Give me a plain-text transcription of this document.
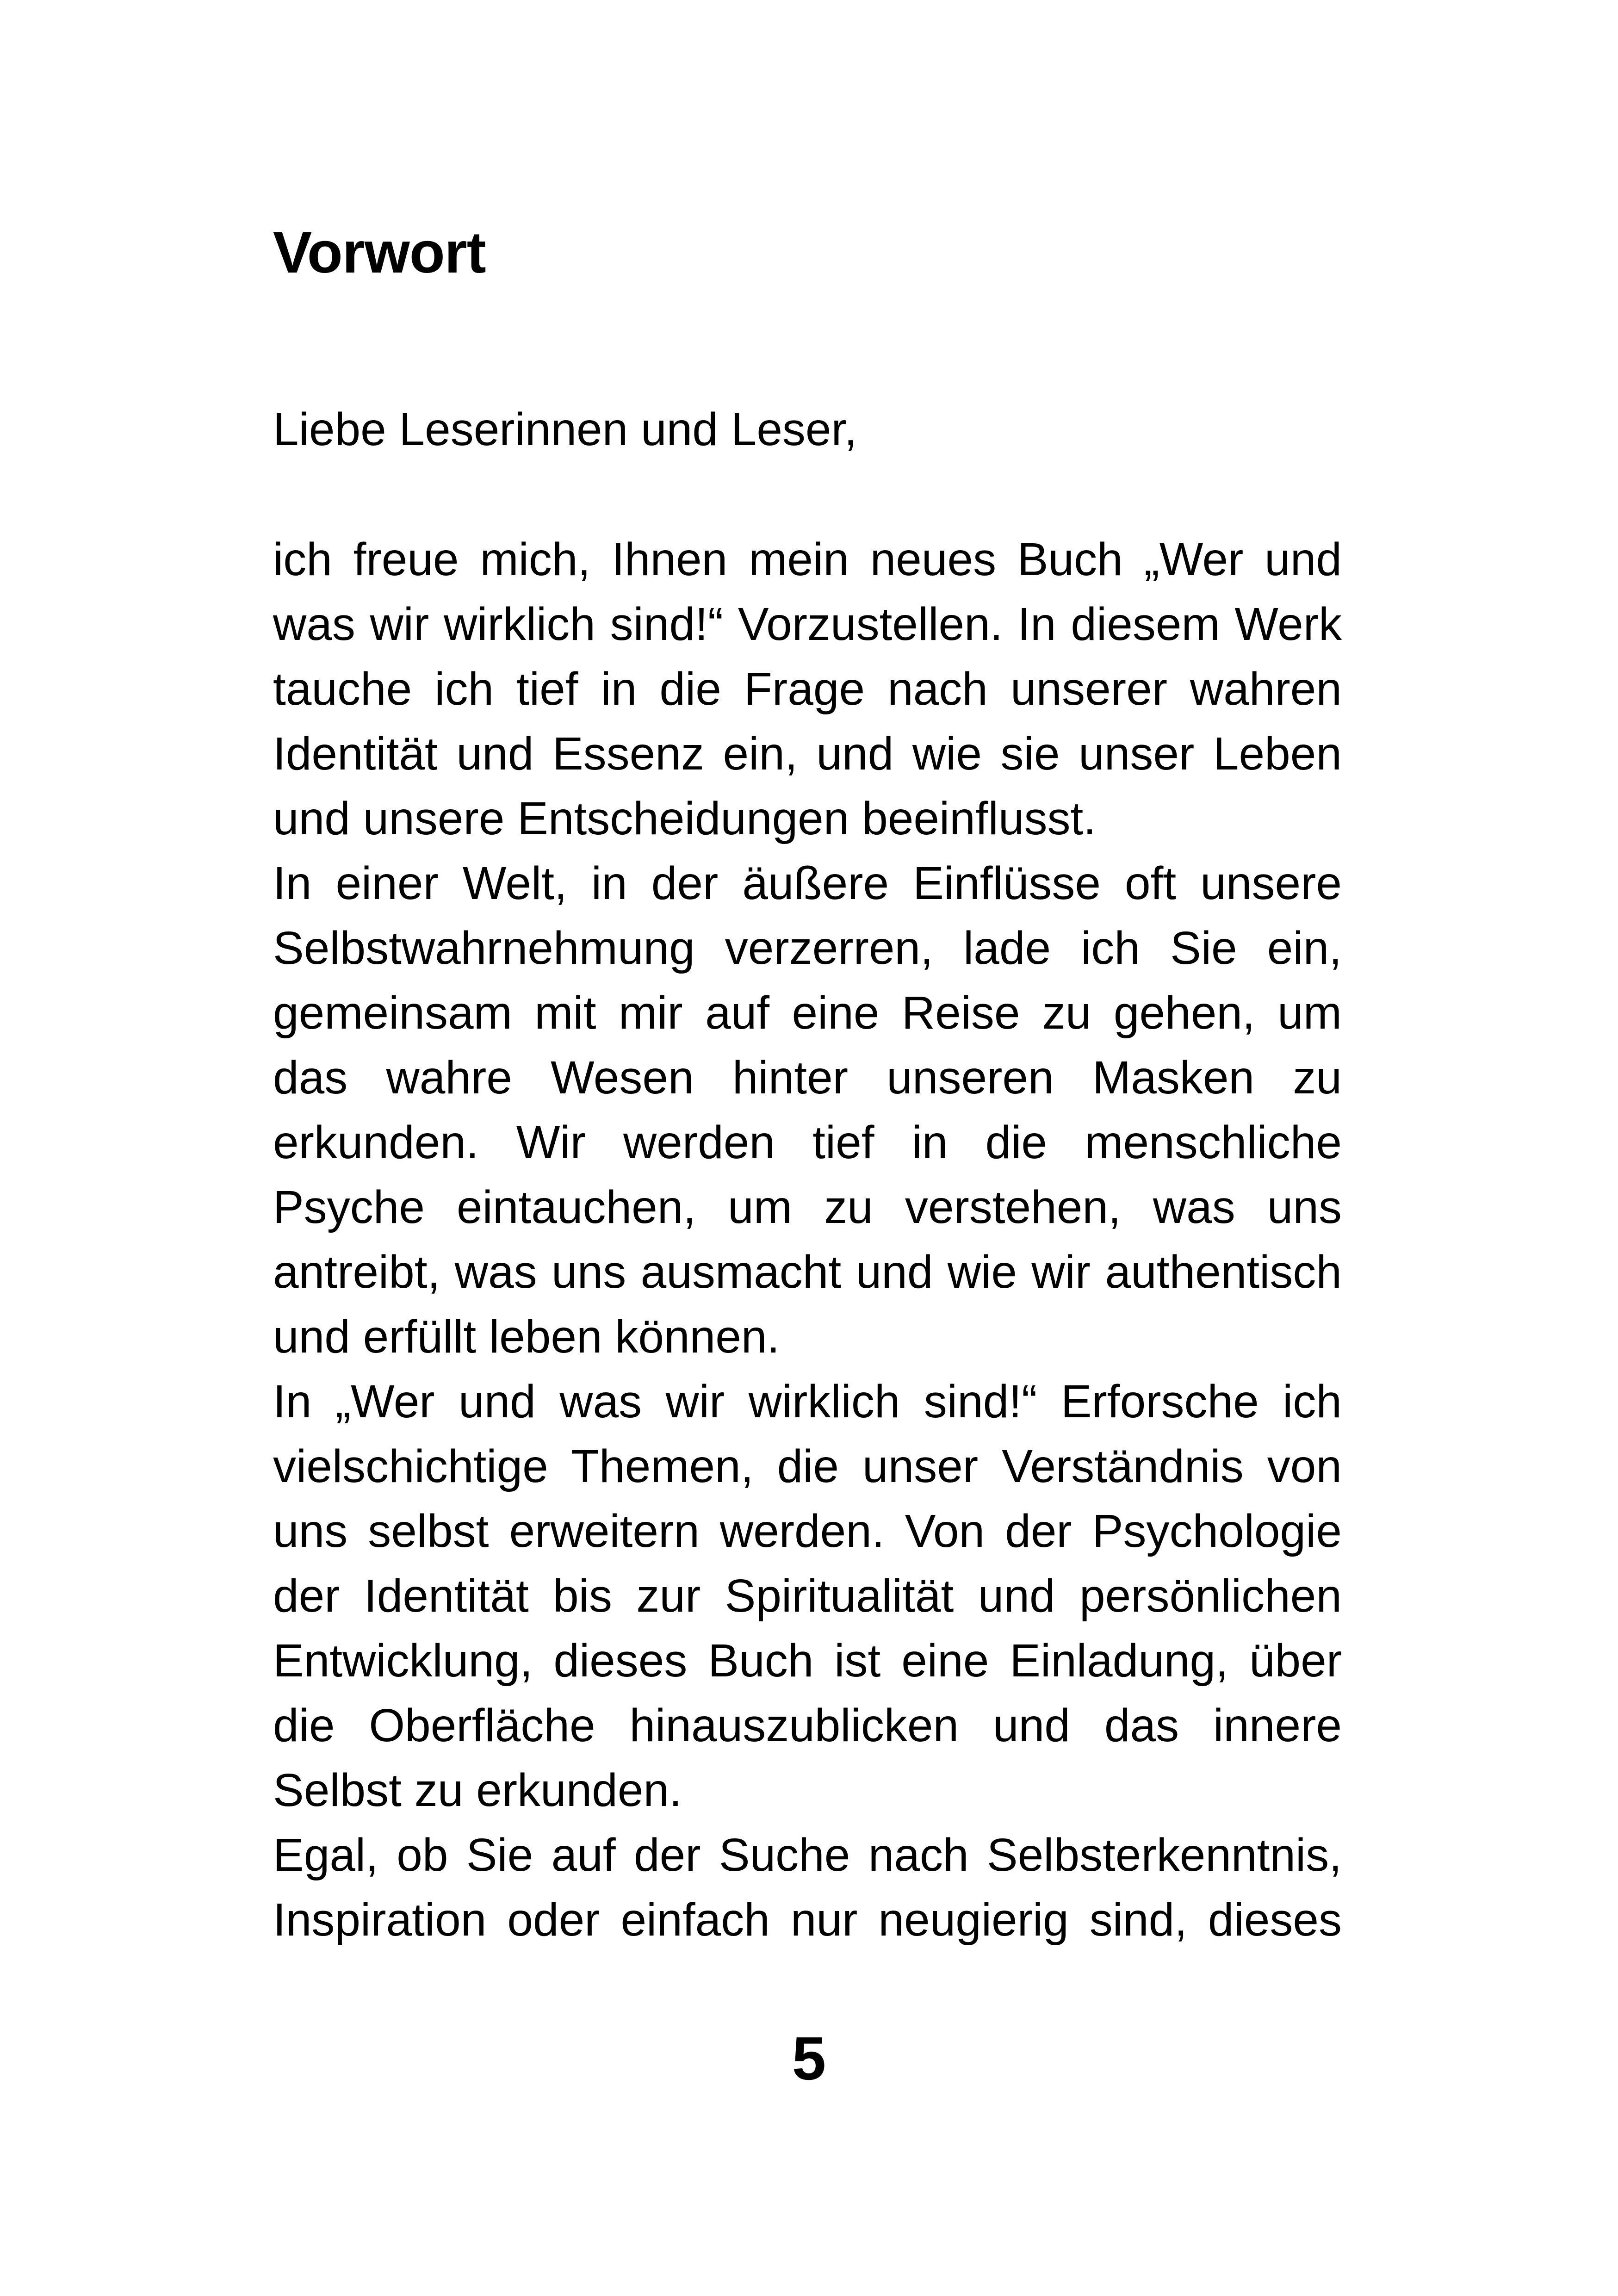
Vorwort

Liebe Leserinnen und Leser,

ich freue mich, Ihnen mein neues Buch „Wer und was wir wirklich sind!“ Vorzustellen. In diesem Werk tauche ich tief in die Frage nach unserer wahren Identität und Essenz ein, und wie sie unser Leben und unsere Entscheidungen beeinflusst.

In einer Welt, in der äußere Einflüsse oft unsere Selbstwahrnehmung verzerren, lade ich Sie ein, gemeinsam mit mir auf eine Reise zu gehen, um das wahre Wesen hinter unseren Masken zu erkunden. Wir werden tief in die menschliche Psyche eintauchen, um zu verstehen, was uns antreibt, was uns ausmacht und wie wir authentisch und erfüllt leben können.

In „Wer und was wir wirklich sind!“ Erforsche ich vielschichtige Themen, die unser Verständnis von uns selbst erweitern werden. Von der Psychologie der Identität bis zur Spiritualität und persönlichen Entwicklung, dieses Buch ist eine Einladung, über die Oberfläche hinauszublicken und das innere Selbst zu erkunden.

Egal, ob Sie auf der Suche nach Selbsterkenntnis, Inspiration oder einfach nur neugierig sind, dieses

5
